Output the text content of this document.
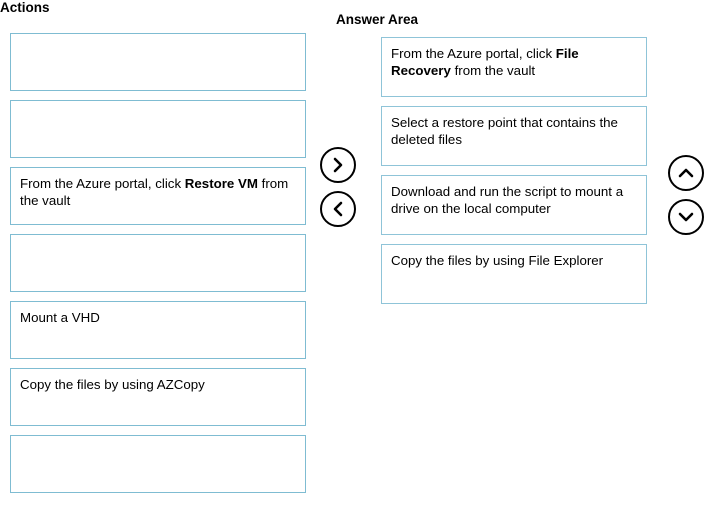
Actions
Answer Area
From the Azure portal, click Restore VM from the vault
Mount a VHD
Copy the files by using AZCopy
From the Azure portal, click File Recovery from the vault
Select a restore point that contains the deleted files
Download and run the script to mount a drive on the local computer
Copy the files by using File Explorer
